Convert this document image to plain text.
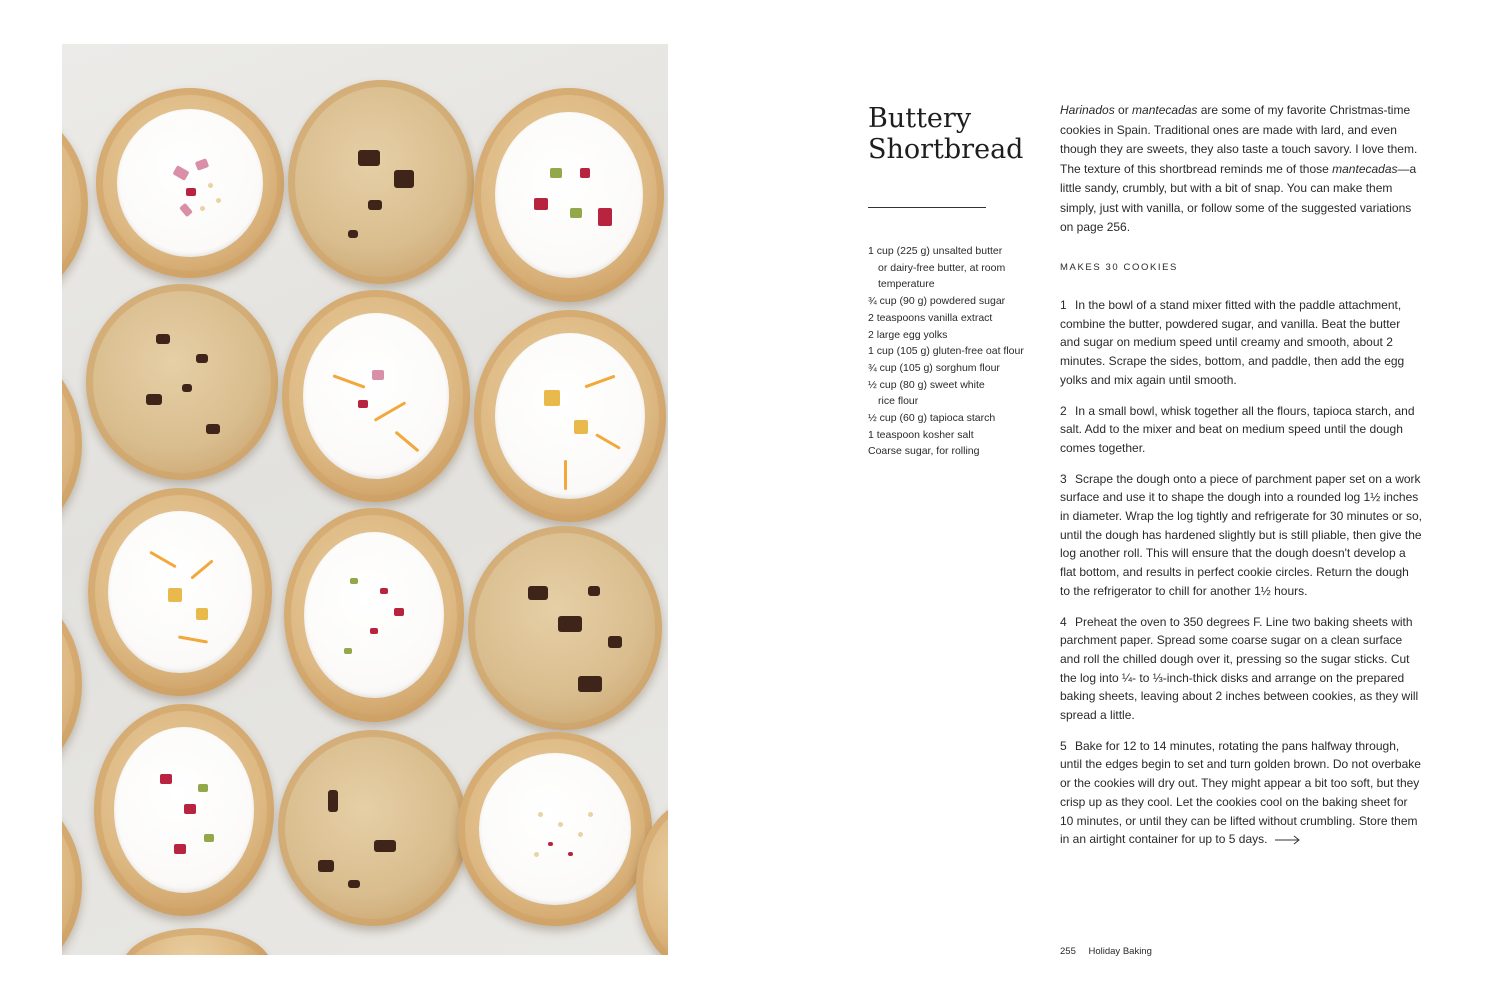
Buttery
Shortbread
1 cup (225 g) unsalted butter
or dairy-free butter, at room
temperature
¾ cup (90 g) powdered sugar
2 teaspoons vanilla extract
2 large egg yolks
1 cup (105 g) gluten-free oat flour
¾ cup (105 g) sorghum flour
½ cup (80 g) sweet white
rice flour
½ cup (60 g) tapioca starch
1 teaspoon kosher salt
Coarse sugar, for rolling

Harinados or mantecadas are some of my favorite Christmas-time cookies in Spain. Traditional ones are made with lard, and even though they are sweets, they also taste a touch savory. I love them. The texture of this shortbread reminds me of those mantecadas—a little sandy, crumbly, but with a bit of snap. You can make them simply, just with vanilla, or follow some of the suggested variations on page 256.

MAKES 30 COOKIES

1 In the bowl of a stand mixer fitted with the paddle attachment, combine the butter, powdered sugar, and vanilla. Beat the butter and sugar on medium speed until creamy and smooth, about 2 minutes. Scrape the sides, bottom, and paddle, then add the egg yolks and mix again until smooth.

2 In a small bowl, whisk together all the flours, tapioca starch, and salt. Add to the mixer and beat on medium speed until the dough comes together.

3 Scrape the dough onto a piece of parchment paper set on a work surface and use it to shape the dough into a rounded log 1½ inches in diameter. Wrap the log tightly and refrigerate for 30 minutes or so, until the dough has hardened slightly but is still pliable, then give the log another roll. This will ensure that the dough doesn't develop a flat bottom, and results in perfect cookie circles. Return the dough to the refrigerator to chill for another 1½ hours.

4 Preheat the oven to 350 degrees F. Line two baking sheets with parchment paper. Spread some coarse sugar on a clean surface and roll the chilled dough over it, pressing so the sugar sticks. Cut the log into ¼- to ⅓-inch-thick disks and arrange on the prepared baking sheets, leaving about 2 inches between cookies, as they will spread a little.

5 Bake for 12 to 14 minutes, rotating the pans halfway through, until the edges begin to set and turn golden brown. Do not overbake or the cookies will dry out. They might appear a bit too soft, but they crisp up as they cool. Let the cookies cool on the baking sheet for 10 minutes, or until they can be lifted without crumbling. Store them in an airtight container for up to 5 days.

255 Holiday Baking
